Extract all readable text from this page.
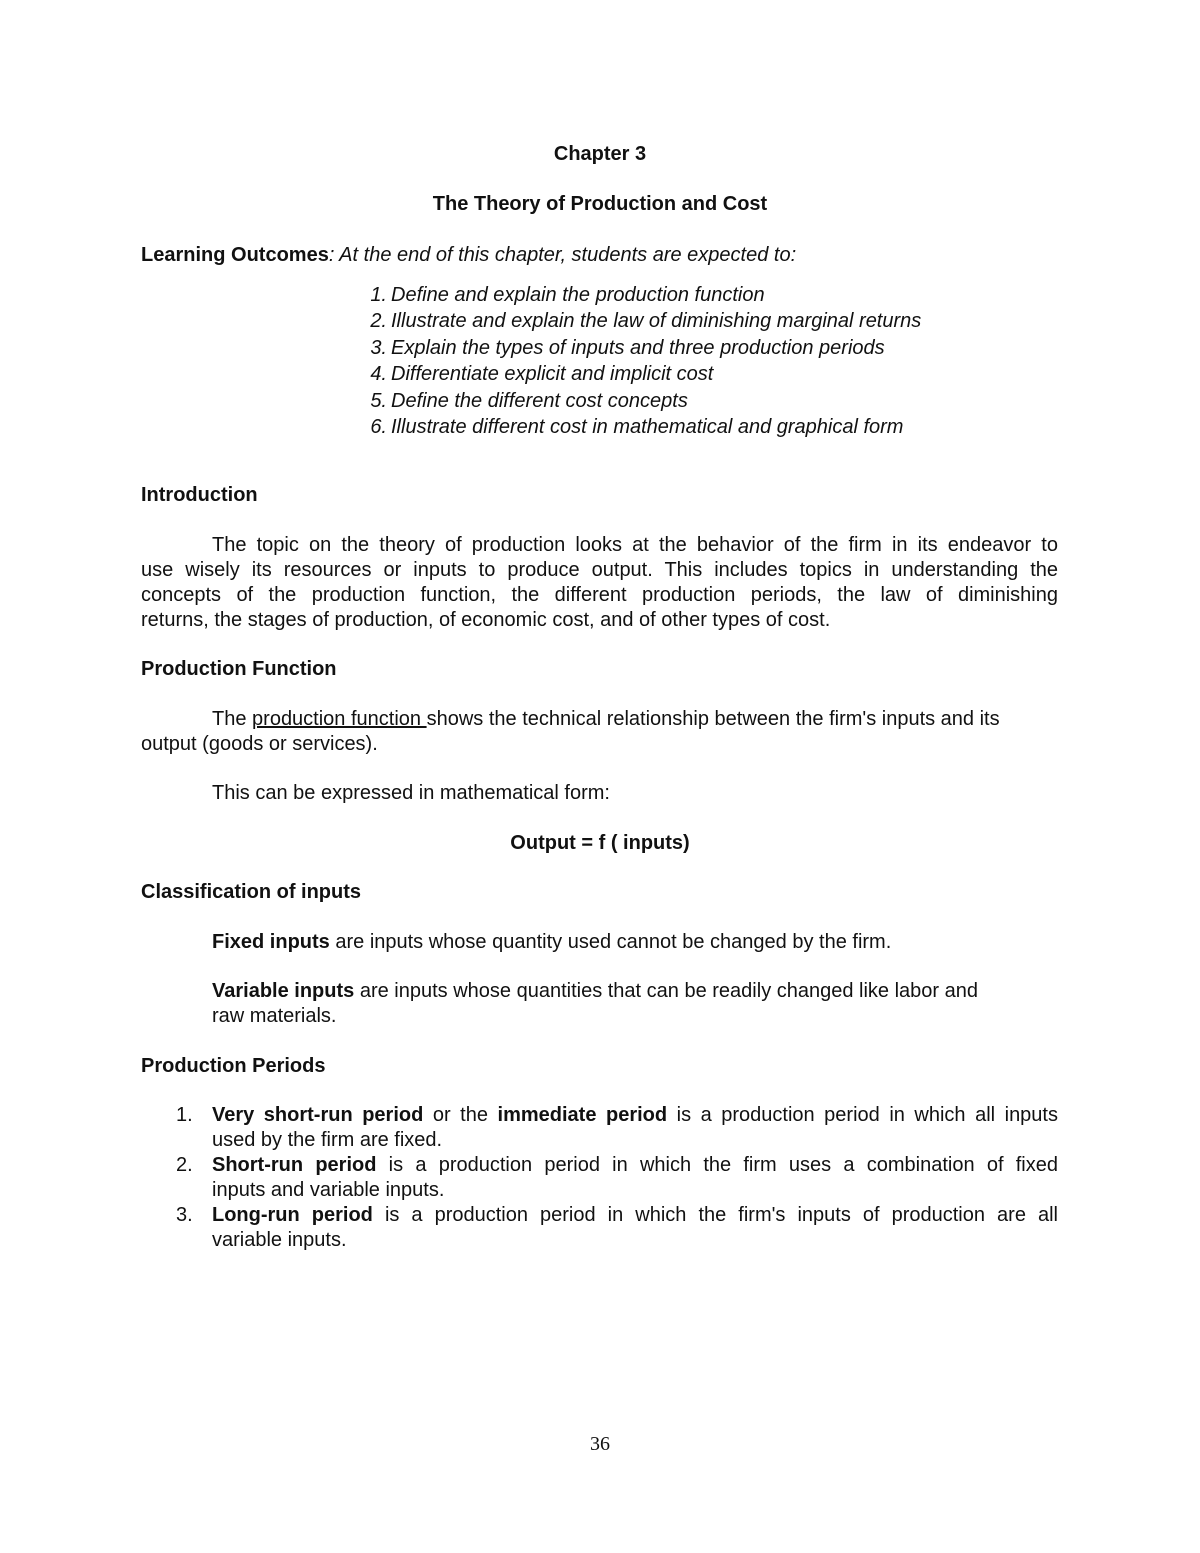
Chapter 3
The Theory of Production and Cost
Learning Outcomes: At the end of this chapter, students are expected to:
1. Define and explain the production function
2. Illustrate and explain the law of diminishing marginal returns
3. Explain the types of inputs and three production periods
4. Differentiate explicit and implicit cost
5. Define the different cost concepts
6. Illustrate different cost in mathematical and graphical form
Introduction
The topic on the theory of production looks at the behavior of the firm in its endeavor to
use wisely its resources or inputs to produce output. This includes topics in understanding the
concepts of the production function, the different production periods, the law of diminishing
returns, the stages of production, of economic cost, and of other types of cost.
Production Function
The production function shows the technical relationship between the firm's inputs and its
output (goods or services).
This can be expressed in mathematical form:
Output = f ( inputs)
Classification of inputs
Fixed inputs are inputs whose quantity used cannot be changed by the firm.
Variable inputs are inputs whose quantities that can be readily changed like labor and
raw materials.
Production Periods
1. Very short-run period or the immediate period is a production period in which all inputs
used by the firm are fixed.
2. Short-run period is a production period in which the firm uses a combination of fixed
inputs and variable inputs.
3. Long-run period is a production period in which the firm's inputs of production are all
variable inputs.
36
